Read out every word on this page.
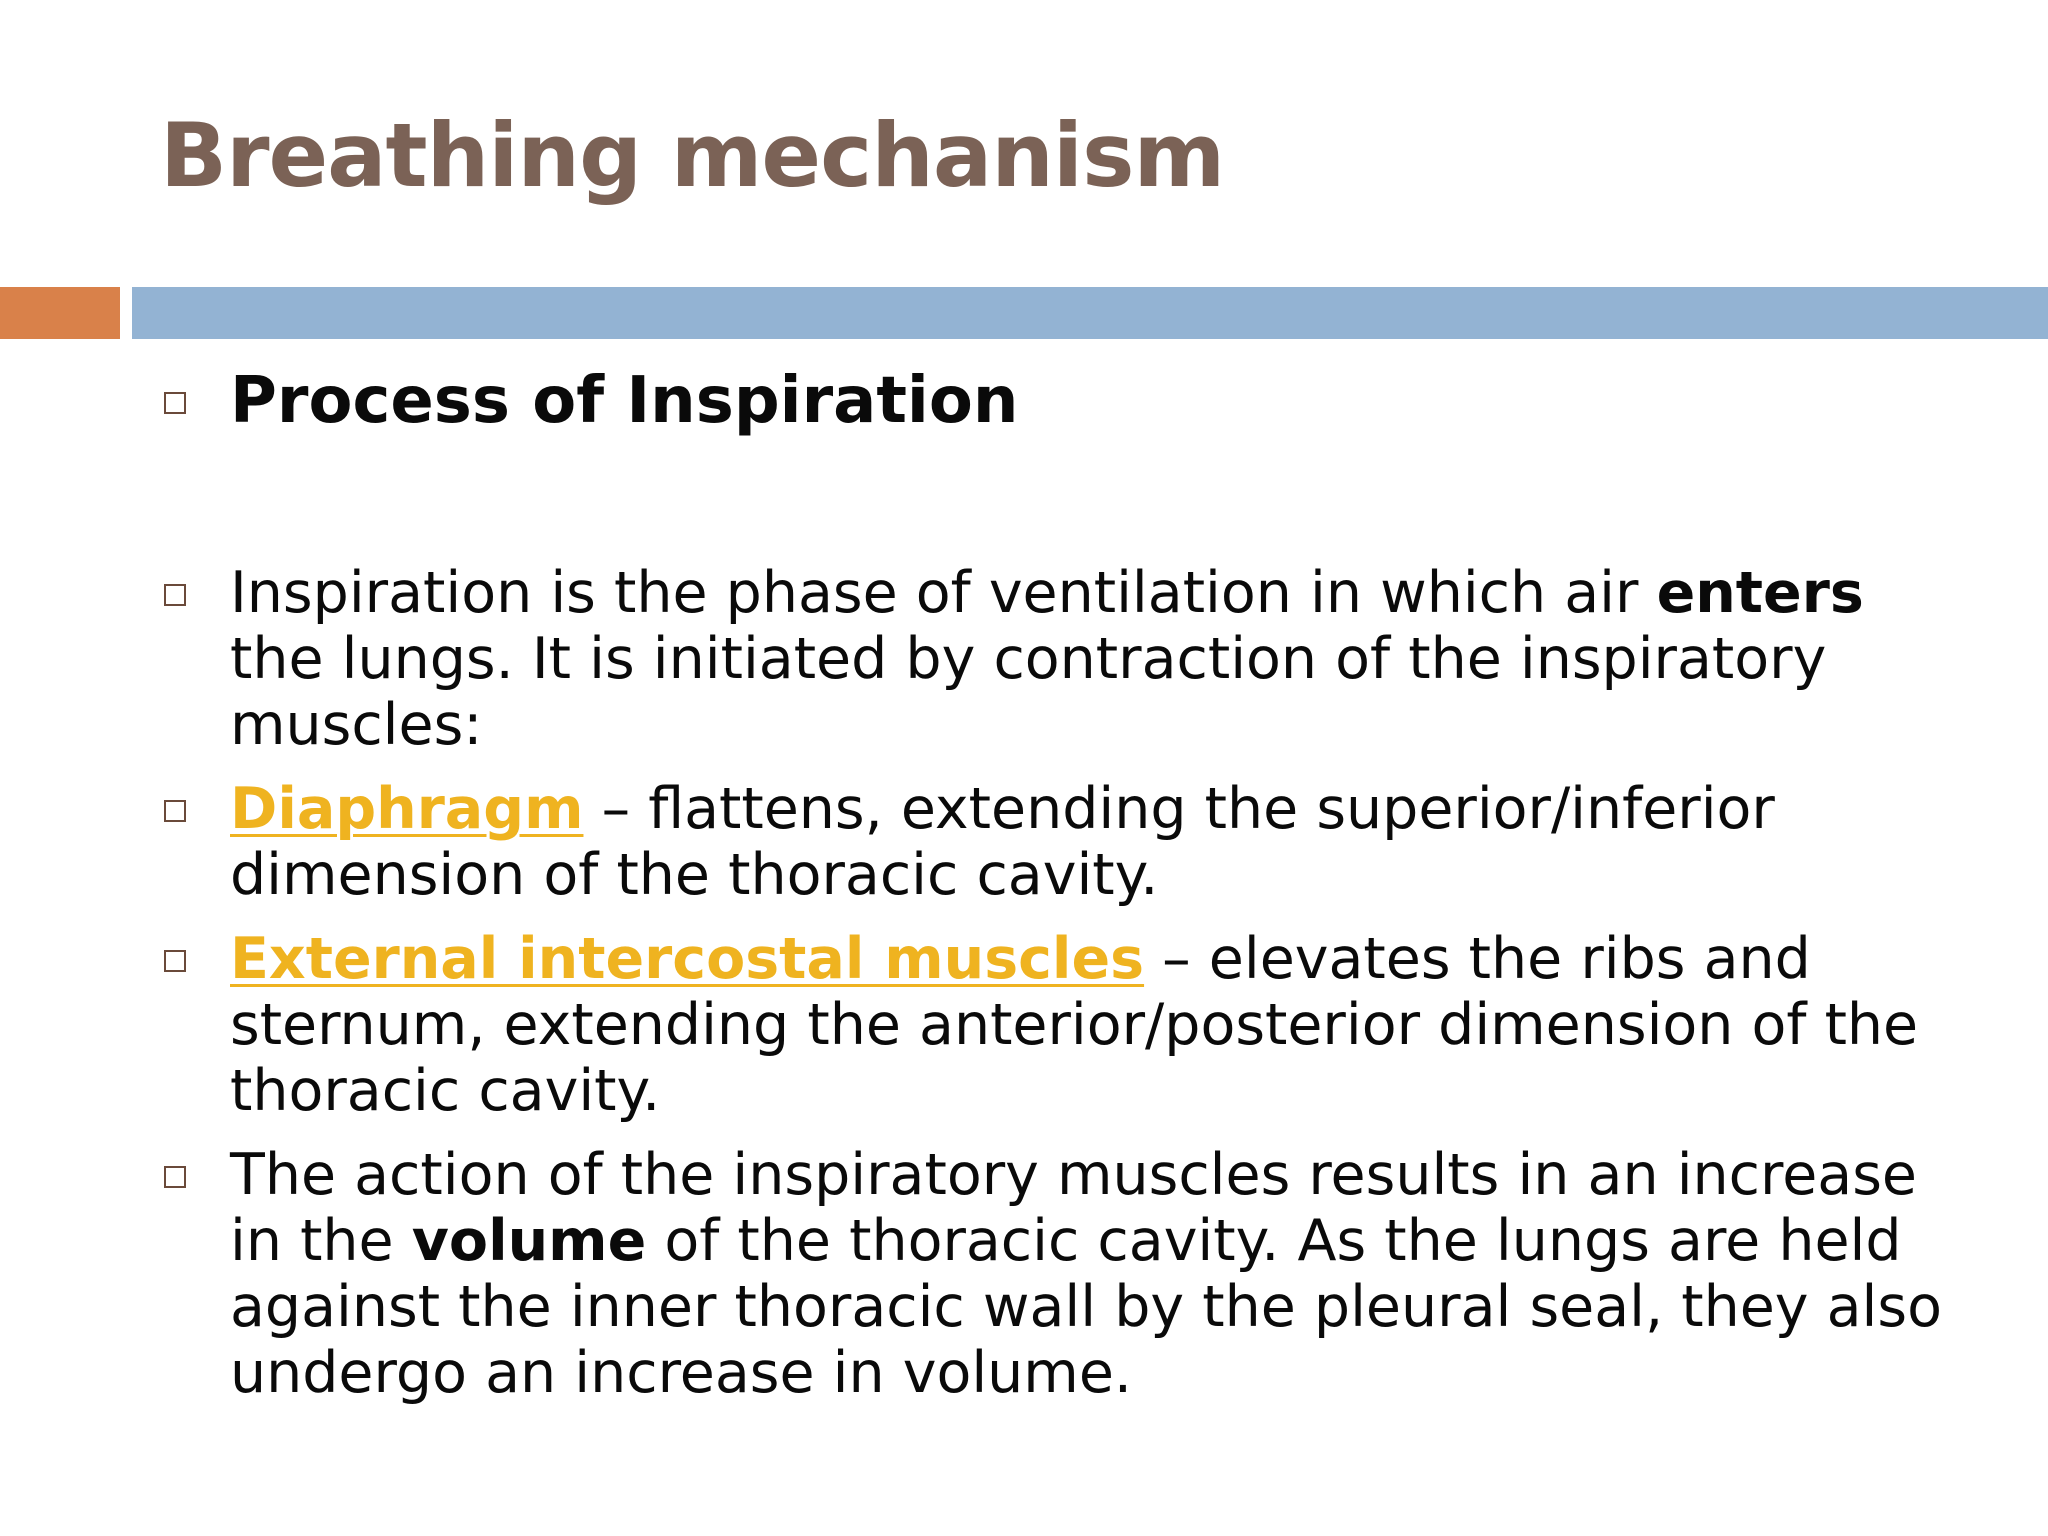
Breathing mechanism
Process of Inspiration
Inspiration is the phase of ventilation in which air enters the lungs. It is initiated by contraction of the inspiratory muscles:
Diaphragm – flattens, extending the superior/inferior dimension of the thoracic cavity.
External intercostal muscles – elevates the ribs and sternum, extending the anterior/posterior dimension of the thoracic cavity.
The action of the inspiratory muscles results in an increase in the volume of the thoracic cavity. As the lungs are held against the inner thoracic wall by the pleural seal, they also undergo an increase in volume.
